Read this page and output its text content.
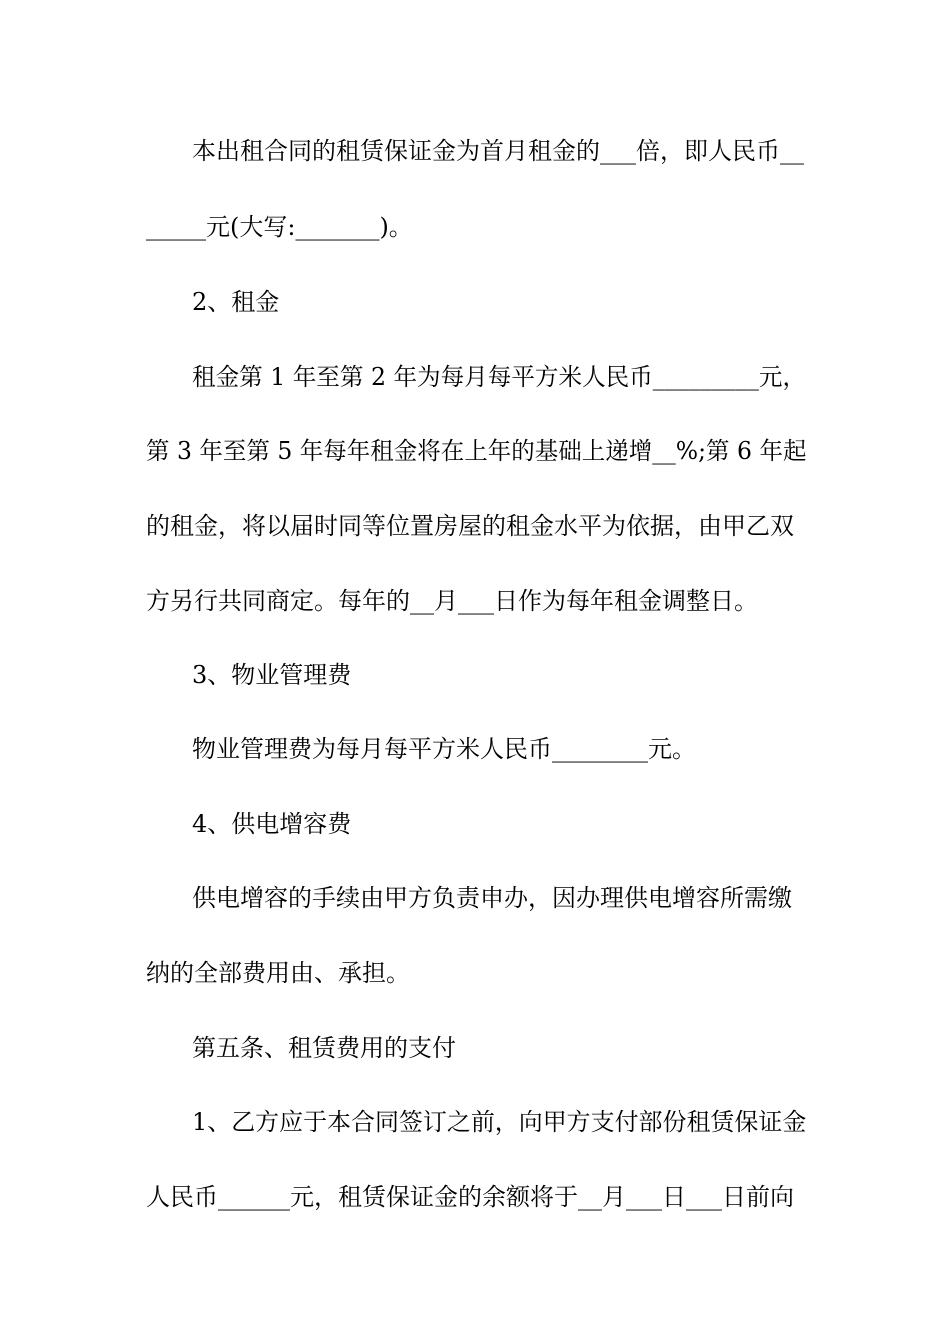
本出租合同的租赁保证金为首月租金的___倍，即人民币__
_____元(大写:_______)。
2、租金
租金第 1 年至第 2 年为每月每平方米人民币_________元，
第 3 年至第 5 年每年租金将在上年的基础上递增__%;第 6 年起
的租金，将以届时同等位置房屋的租金水平为依据，由甲乙双
方另行共同商定。每年的__月___日作为每年租金调整日。
3、物业管理费
物业管理费为每月每平方米人民币________元。
4、供电增容费
供电增容的手续由甲方负责申办，因办理供电增容所需缴
纳的全部费用由、承担。
第五条、租赁费用的支付
1、乙方应于本合同签订之前，向甲方支付部份租赁保证金
人民币______元，租赁保证金的余额将于__月___日___日前向
